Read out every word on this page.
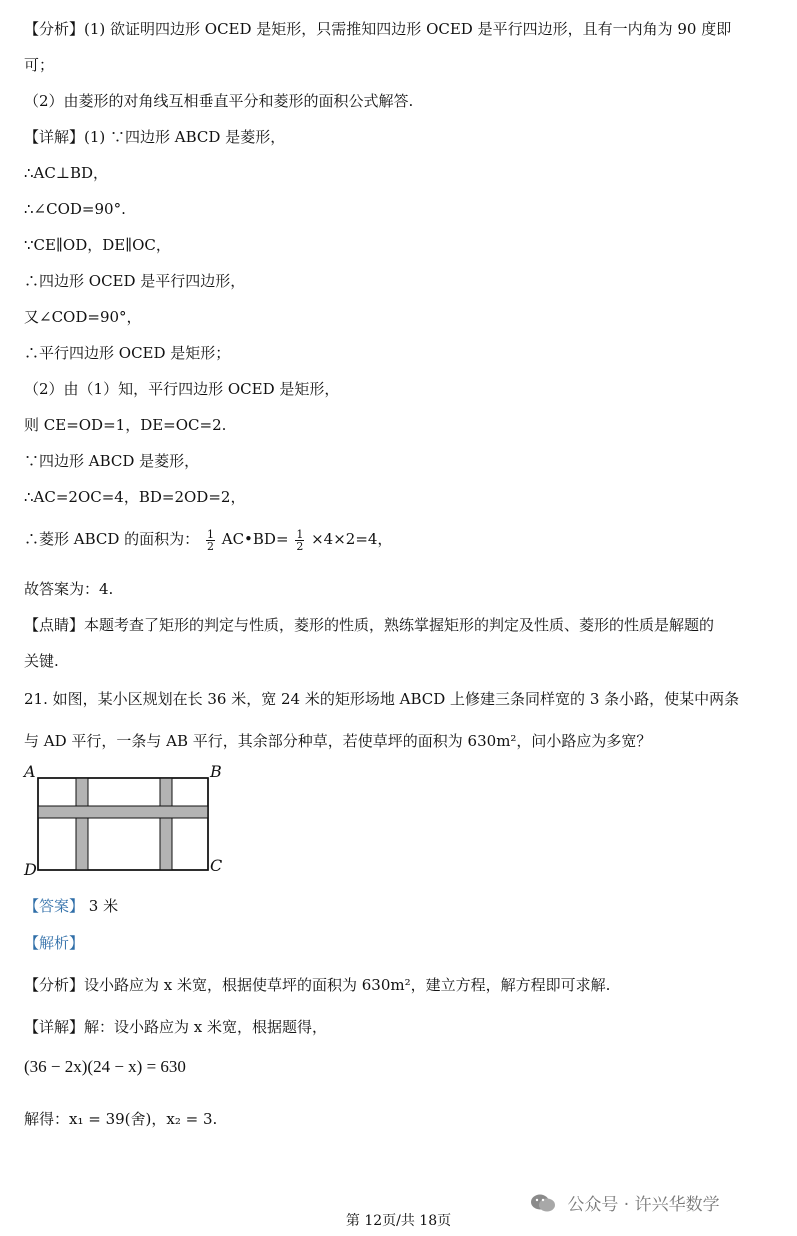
【分析】(1) 欲证明四边形 OCED 是矩形，只需推知四边形 OCED 是平行四边形，且有一内角为 90 度即
可；
（2）由菱形的对角线互相垂直平分和菱形的面积公式解答.
【详解】(1) ∵四边形 ABCD 是菱形，
∴AC⊥BD，
∴∠COD=90°.
∵CE∥OD，DE∥OC，
∴四边形 OCED 是平行四边形，
又∠COD=90°，
∴平行四边形 OCED 是矩形；
（2）由（1）知，平行四边形 OCED 是矩形，
则 CE=OD=1，DE=OC=2.
∵四边形 ABCD 是菱形，
∴AC=2OC=4，BD=2OD=2，
∴菱形 ABCD 的面积为： $\frac{1}{2}$ AC•BD= $\frac{1}{2} \times 4\times 2=4$，
故答案为：4.
【点睛】本题考查了矩形的判定与性质，菱形的性质，熟练掌握矩形的判定及性质、菱形的性质是解题的
关键.
21. 如图，某小区规划在长 36 米，宽 24 米的矩形场地 ABCD 上修建三条同样宽的 3 条小路，使某中两条
与 AD 平行，一条与 AB 平行，其余部分种草，若使草坪的面积为 630m²，问小路应为多宽？
A	B
C
D
【答案】 3 米
【解析】
【分析】设小路应为 x 米宽，根据使草坪的面积为 630m²，建立方程，解方程即可求解.
【详解】解：设小路应为 x 米宽，根据题得，
(36 − 2x)(24 − x) = 630
解得：x₁ = 39(舍)，x₂ = 3.
公众号 · 许兴华数学
第 12页/共 18页
